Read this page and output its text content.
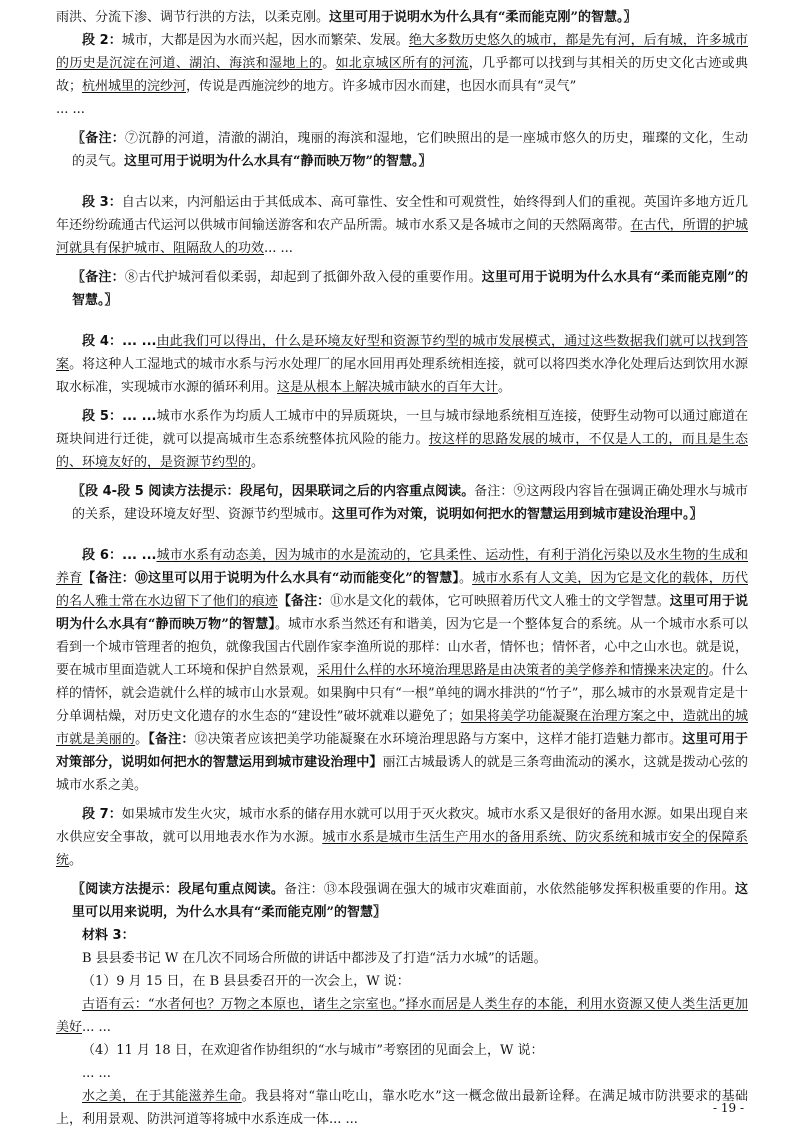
雨洪、分流下渗、调节行洪的方法，以柔克刚。这里可用于说明水为什么具有“柔而能克刚”的智慧。〗

段 2：城市，大都是因为水而兴起，因水而繁荣、发展。绝大多数历史悠久的城市，都是先有河，后有城，许多城市的历史是沉淀在河道、湖泊、海滨和湿地上的。如北京城区所有的河流，几乎都可以找到与其相关的历史文化古迹或典故；杭州城里的浣纱河，传说是西施浣纱的地方。许多城市因水而建，也因水而具有“灵气”

... ...

〖备注：⑦沉静的河道，清澈的湖泊，瑰丽的海滨和湿地，它们映照出的是一座城市悠久的历史，璀璨的文化，生动的灵气。这里可用于说明为什么水具有“静而映万物”的智慧。〗

段 3：自古以来，内河船运由于其低成本、高可靠性、安全性和可观赏性，始终得到人们的重视。英国许多地方近几年还纷纷疏通古代运河以供城市间输送游客和农产品所需。城市水系又是各城市之间的天然隔离带。在古代，所谓的护城河就具有保护城市、阻隔敌人的功效... ...

〖备注：⑧古代护城河看似柔弱，却起到了抵御外敌入侵的重要作用。这里可用于说明为什么水具有“柔而能克刚”的智慧。〗

段 4：... ...由此我们可以得出，什么是环境友好型和资源节约型的城市发展模式，通过这些数据我们就可以找到答案。将这种人工湿地式的城市水系与污水处理厂的尾水回用再处理系统相连接，就可以将四类水净化处理后达到饮用水源取水标准，实现城市水源的循环利用。这是从根本上解决城市缺水的百年大计。

段 5：... ...城市水系作为均质人工城市中的异质斑块，一旦与城市绿地系统相互连接，使野生动物可以通过廊道在斑块间进行迁徙，就可以提高城市生态系统整体抗风险的能力。按这样的思路发展的城市，不仅是人工的，而且是生态的、环境友好的，是资源节约型的。

〖段 4-段 5 阅读方法提示：段尾句，因果联词之后的内容重点阅读。备注：⑨这两段内容旨在强调正确处理水与城市的关系，建设环境友好型、资源节约型城市。这里可作为对策，说明如何把水的智慧运用到城市建设治理中。〗

段 6：... ...城市水系有动态美，因为城市的水是流动的，它具柔性、运动性，有利于消化污染以及水生物的生成和养育【备注：⑩这里可以用于说明为什么水具有“动而能变化”的智慧】。城市水系有人文美，因为它是文化的载体，历代的名人雅士常在水边留下了他们的痕迹【备注：⑪水是文化的载体，它可映照着历代文人雅士的文学智慧。这里可用于说明为什么水具有“静而映万物”的智慧】。城市水系当然还有和谐美，因为它是一个整体复合的系统。从一个城市水系可以看到一个城市管理者的抱负，就像我国古代剧作家李渔所说的那样：山水者，情怀也；情怀者，心中之山水也。就是说，要在城市里面造就人工环境和保护自然景观，采用什么样的水环境治理思路是由决策者的美学修养和情操来决定的。什么样的情怀，就会造就什么样的城市山水景观。如果胸中只有“一根”单纯的调水排洪的“竹子”，那么城市的水景观肯定是十分单调枯燥，对历史文化遗存的水生态的“建设性”破坏就难以避免了；如果将美学功能凝聚在治理方案之中，造就出的城市就是美丽的。【备注：⑫决策者应该把美学功能凝聚在水环境治理思路与方案中，这样才能打造魅力都市。这里可用于对策部分，说明如何把水的智慧运用到城市建设治理中】丽江古城最诱人的就是三条弯曲流动的溪水，这就是拨动心弦的城市水系之美。

段 7：如果城市发生火灾，城市水系的储存用水就可以用于灭火救灾。城市水系又是很好的备用水源。如果出现自来水供应安全事故，就可以用地表水作为水源。城市水系是城市生活生产用水的备用系统、防灾系统和城市安全的保障系统。

〖阅读方法提示：段尾句重点阅读。备注：⑬本段强调在强大的城市灾难面前，水依然能够发挥积极重要的作用。这里可以用来说明，为什么水具有“柔而能克刚”的智慧〗

材料 3：

B 县县委书记 W 在几次不同场合所做的讲话中都涉及了打造“活力水城”的话题。

（1）9 月 15 日，在 B 县县委召开的一次会上，W 说：

古语有云：“水者何也？万物之本原也，诸生之宗室也。”择水而居是人类生存的本能，利用水资源又使人类生活更加美好... ...

（4）11 月 18 日，在欢迎省作协组织的“水与城市”考察团的见面会上，W 说：

... ...

水之美，在于其能滋养生命。我县将对“靠山吃山，靠水吃水”这一概念做出最新诠释。在满足城市防洪要求的基础上，利用景观、防洪河道等将城中水系连成一体... ...

- 19 -
